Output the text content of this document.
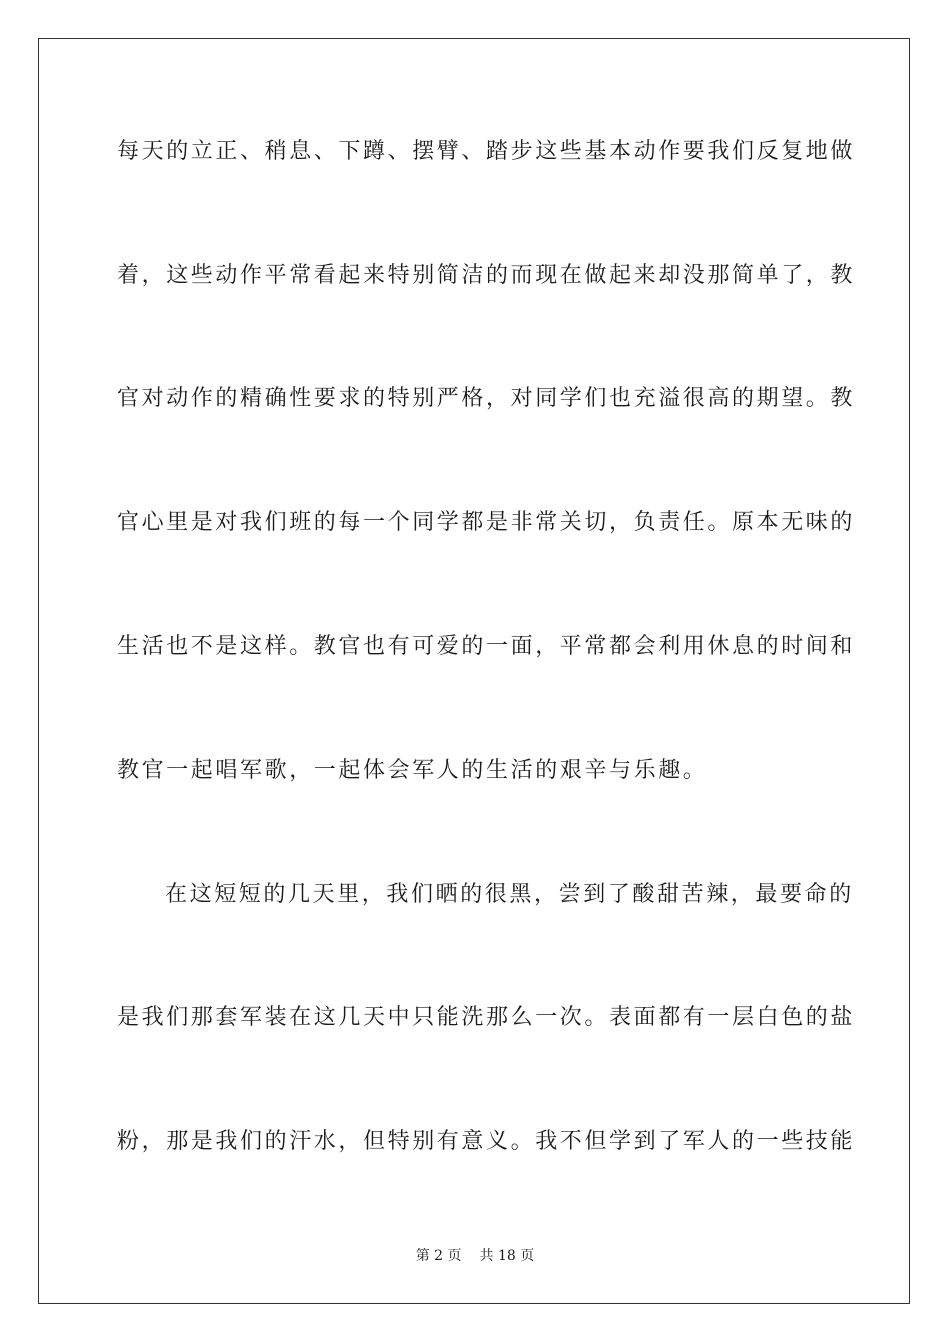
每天的立正、稍息、下蹲、摆臂、踏步这些基本动作要我们反复地做
着，这些动作平常看起来特别简洁的而现在做起来却没那简单了，教
官对动作的精确性要求的特别严格，对同学们也充溢很高的期望。教
官心里是对我们班的每一个同学都是非常关切，负责任。原本无味的
生活也不是这样。教官也有可爱的一面，平常都会利用休息的时间和
教官一起唱军歌，一起体会军人的生活的艰辛与乐趣。
在这短短的几天里，我们晒的很黑，尝到了酸甜苦辣，最要命的
是我们那套军装在这几天中只能洗那么一次。表面都有一层白色的盐
粉，那是我们的汗水，但特别有意义。我不但学到了军人的一些技能
第 2 页 共 18 页
